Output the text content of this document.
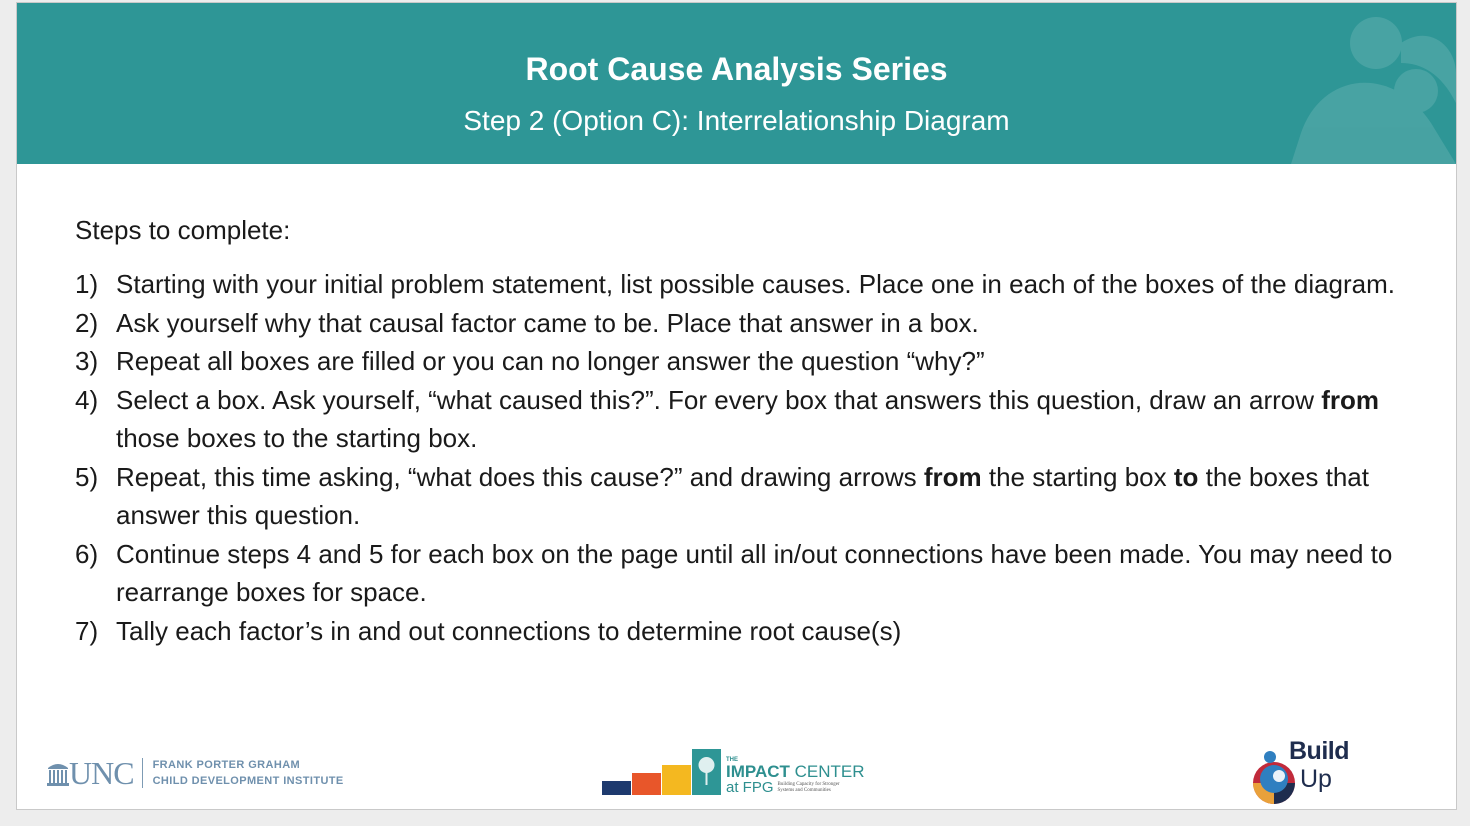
Root Cause Analysis Series
Step 2 (Option C): Interrelationship Diagram
Steps to complete:
1) Starting with your initial problem statement, list possible causes. Place one in each of the boxes of the diagram.
2) Ask yourself why that causal factor came to be. Place that answer in a box.
3) Repeat all boxes are filled or you can no longer answer the question “why?”
4) Select a box. Ask yourself, “what caused this?”. For every box that answers this question, draw an arrow from those boxes to the starting box.
5) Repeat, this time asking, “what does this cause?” and drawing arrows from the starting box to the boxes that answer this question.
6) Continue steps 4 and 5 for each box on the page until all in/out connections have been made. You may need to rearrange boxes for space.
7) Tally each factor’s in and out connections to determine root cause(s)
UNC FRANK PORTER GRAHAM
CHILD DEVELOPMENT INSTITUTE
THE
IMPACT CENTER
at FPG Building Capacity for Stronger
Systems and Communities
Build
Up
